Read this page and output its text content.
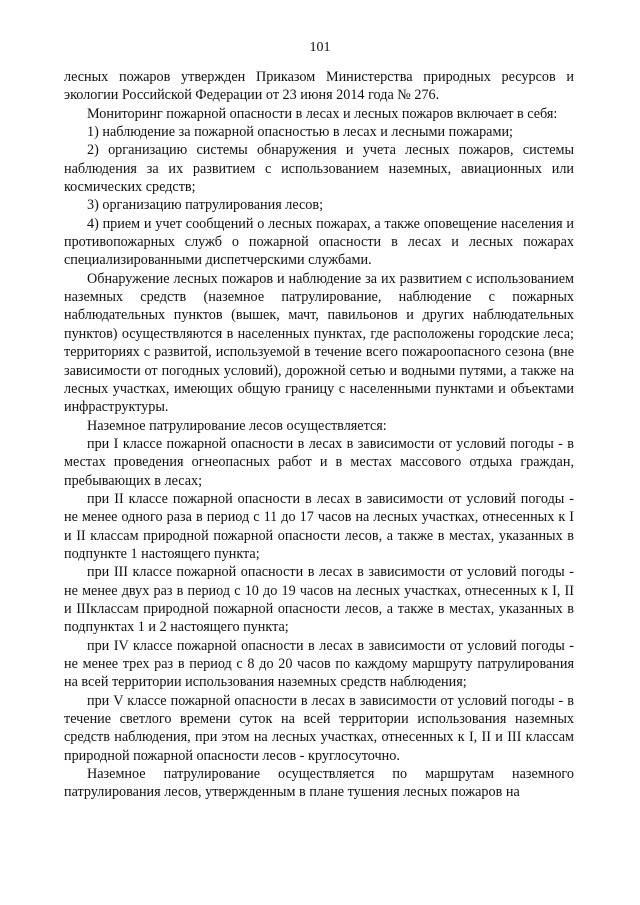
101

лесных пожаров утвержден Приказом Министерства природных ресурсов и экологии Российской Федерации от 23 июня 2014 года № 276.

Мониторинг пожарной опасности в лесах и лесных пожаров включает в себя:

1) наблюдение за пожарной опасностью в лесах и лесными пожарами;

2) организацию системы обнаружения и учета лесных пожаров, системы наблюдения за их развитием с использованием наземных, авиационных или космических средств;

3) организацию патрулирования лесов;

4) прием и учет сообщений о лесных пожарах, а также оповещение населения и противопожарных служб о пожарной опасности в лесах и лесных пожарах специализированными диспетчерскими службами.

Обнаружение лесных пожаров и наблюдение за их развитием с использованием наземных средств (наземное патрулирование, наблюдение с пожарных наблюдательных пунктов (вышек, мачт, павильонов и других наблюдательных пунктов) осуществляются в населенных пунктах, где расположены городские леса; территориях с развитой, используемой в течение всего пожароопасного сезона (вне зависимости от погодных условий), дорожной сетью и водными путями, а также на лесных участках, имеющих общую границу с населенными пунктами и объектами инфраструктуры.

Наземное патрулирование лесов осуществляется:

при I классе пожарной опасности в лесах в зависимости от условий погоды - в местах проведения огнеопасных работ и в местах массового отдыха граждан, пребывающих в лесах;

при II классе пожарной опасности в лесах в зависимости от условий погоды - не менее одного раза в период с 11 до 17 часов на лесных участках, отнесенных к I и II классам природной пожарной опасности лесов, а также в местах, указанных в подпункте 1 настоящего пункта;

при III классе пожарной опасности в лесах в зависимости от условий погоды - не менее двух раз в период с 10 до 19 часов на лесных участках, отнесенных к I, II и IIIклассам природной пожарной опасности лесов, а также в местах, указанных в подпунктах 1 и 2 настоящего пункта;

при IV классе пожарной опасности в лесах в зависимости от условий погоды - не менее трех раз в период с 8 до 20 часов по каждому маршруту патрулирования на всей территории использования наземных средств наблюдения;

при V классе пожарной опасности в лесах в зависимости от условий погоды - в течение светлого времени суток на всей территории использования наземных средств наблюдения, при этом на лесных участках, отнесенных к I, II и III классам природной пожарной опасности лесов - круглосуточно.

Наземное патрулирование осуществляется по маршрутам наземного патрулирования лесов, утвержденным в плане тушения лесных пожаров на
